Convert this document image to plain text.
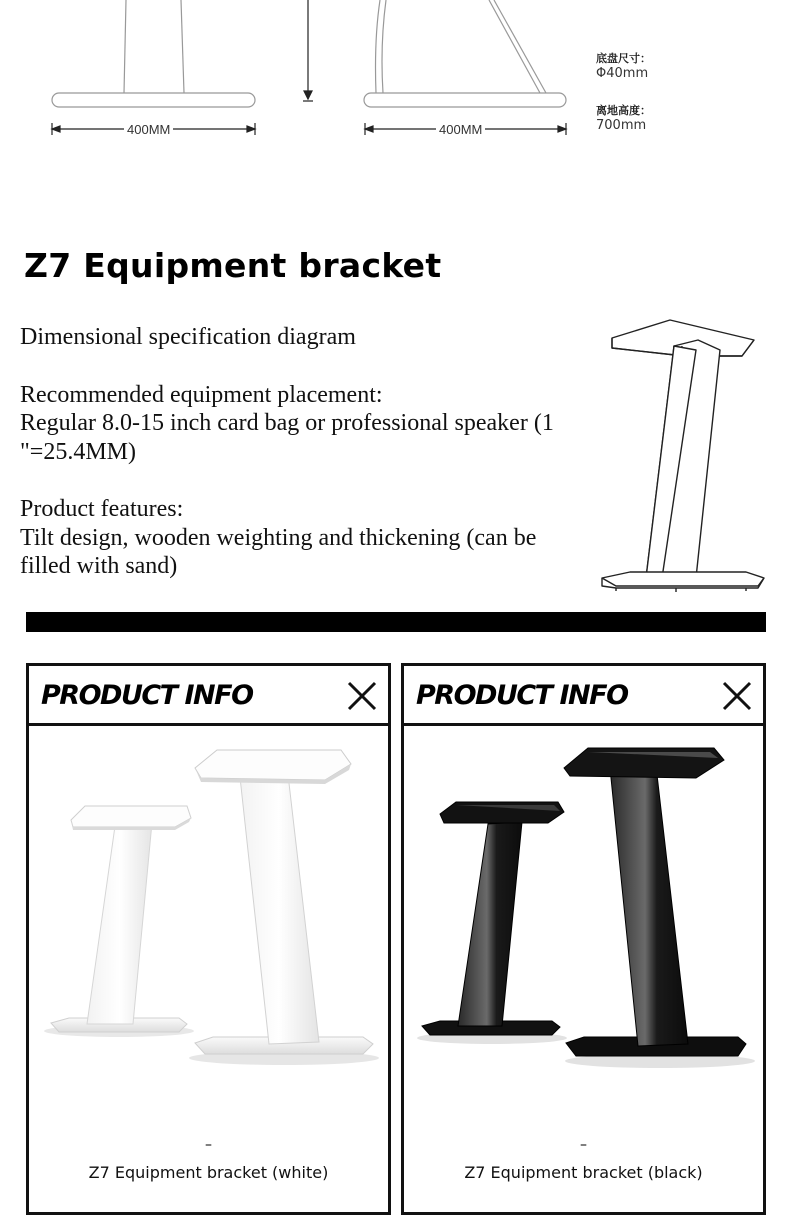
400MM	400MM
底盘尺寸：
Φ40mm
离地高度：
700mm
Z7 Equipment bracket

Dimensional specification diagram

Recommended equipment placement:

Regular 8.0-15 inch card bag or professional speaker (1 "=25.4MM)

Product features:

Tilt design, wooden weighting and thickening (can be filled with sand)

PRODUCT INFO
–
Z7 Equipment bracket (white)
PRODUCT INFO
–
Z7 Equipment bracket (black)
